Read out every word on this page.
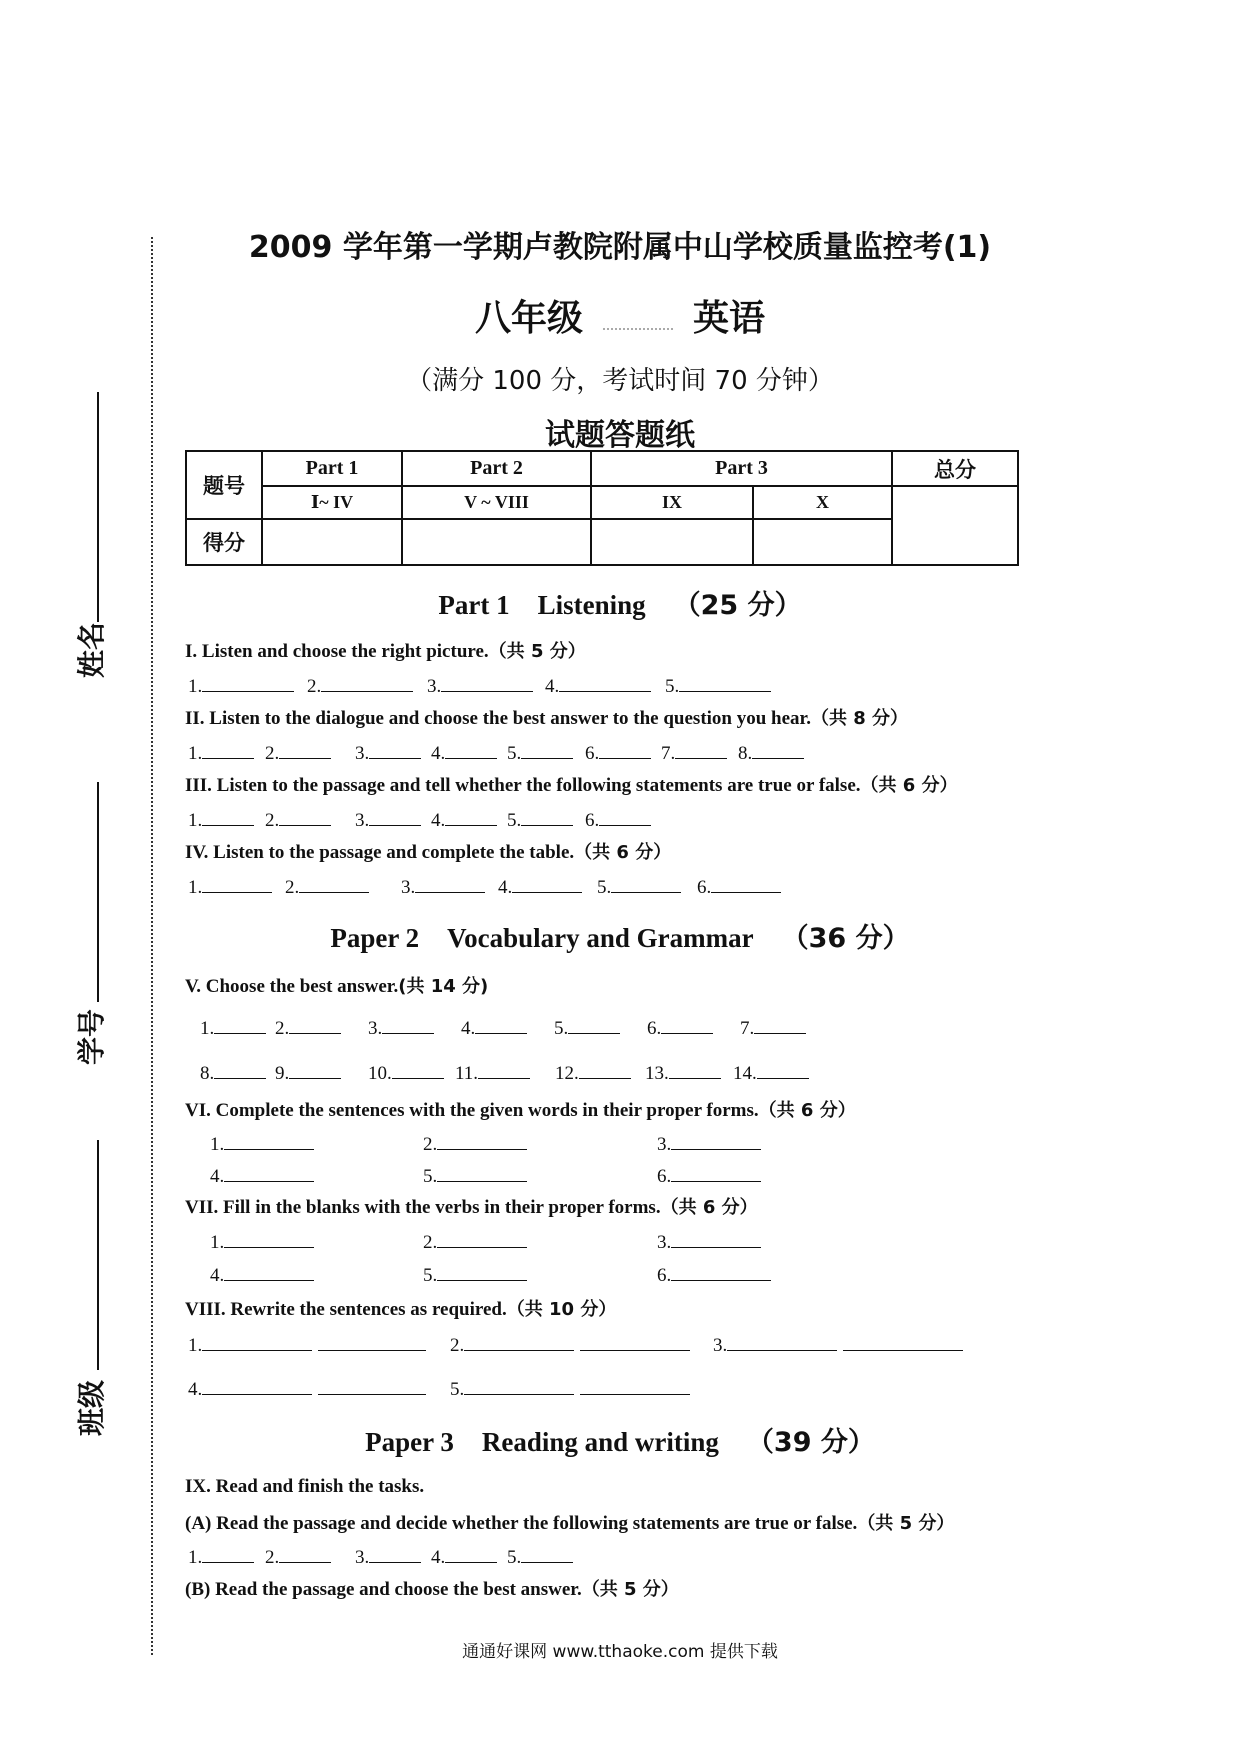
姓名
学号
班级
2009 学年第一学期卢教院附属中山学校质量监控考(1)
八年级	英语
（满分 100 分，考试时间 70 分钟）
试题答题纸
题号	Part 1	Part 2	Part 3		总分
	Ⅰ~ IV	V ~ VIII	IX	X	
得分					
Part 1 Listening （25 分）
I. Listen and choose the right picture.（共 5 分）
1.	2.	3.	4.	5.
II. Listen to the dialogue and choose the best answer to the question you hear.（共 8 分）
1.	2.	3.	4.	5.	6.	7.	8.
III. Listen to the passage and tell whether the following statements are true or false.（共 6 分）
1.	2.	3.	4.	5.	6.
IV. Listen to the passage and complete the table.（共 6 分）
1.	2.	3.	4.	5.	6.
Paper 2 Vocabulary and Grammar （36 分）
V. Choose the best answer.(共 14 分)
1.	2.	3.	4.	5.	6.	7.
8.	9.	10.	11.	12.	13.	14.
VI. Complete the sentences with the given words in their proper forms.（共 6 分）
1.	2.	3.
4.	5.	6.
VII. Fill in the blanks with the verbs in their proper forms.（共 6 分）
1.	2.	3.
4.	5.	6.
VIII. Rewrite the sentences as required.（共 10 分）
1.	2.	3.
4.	5.
Paper 3 Reading and writing （39 分）
IX. Read and finish the tasks.
(A) Read the passage and decide whether the following statements are true or false.（共 5 分）
1.	2.	3.	4.	5.
(B) Read the passage and choose the best answer.（共 5 分）
通通好课网 www.tthaoke.com 提供下载
